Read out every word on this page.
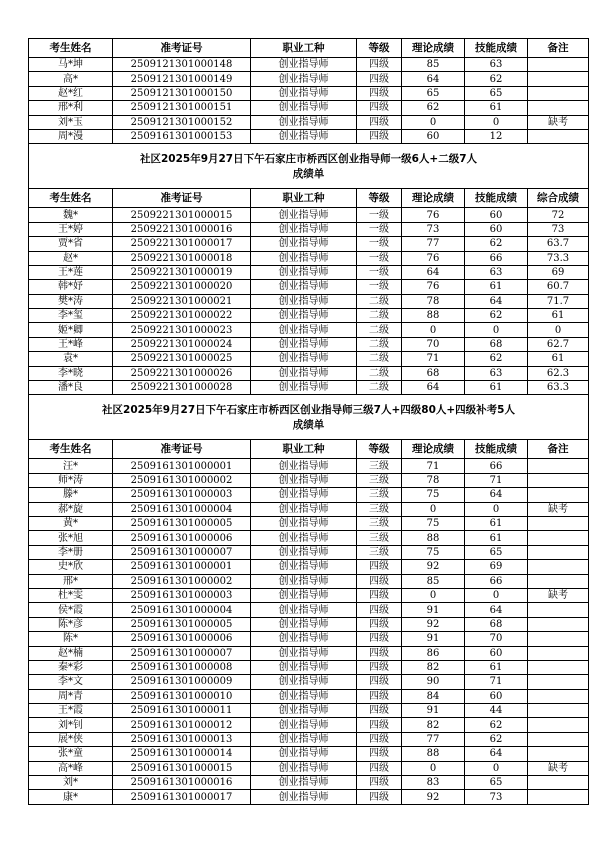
考生姓名	准考证号	职业工种	等级	理论成绩	技能成绩	备注
马*坤	2509121301000148	创业指导师	四级	85	63	
高*	2509121301000149	创业指导师	四级	64	62	
赵*红	2509121301000150	创业指导师	四级	65	65	
邢*利	2509121301000151	创业指导师	四级	62	61	
刘*玉	2509121301000152	创业指导师	四级	0	0	缺考
周*漫	2509161301000153	创业指导师	四级	60	12	

社区2025年9月27日下午石家庄市桥西区创业指导师一级6人+二级7人
成绩单						

考生姓名	准考证号	职业工种	等级	理论成绩	技能成绩	综合成绩
魏*	2509221301000015	创业指导师	一级	76	60	72
王*婷	2509221301000016	创业指导师	一级	73	60	73
贾*省	2509221301000017	创业指导师	一级	77	62	63.7
赵*	2509221301000018	创业指导师	一级	76	66	73.3
王*莲	2509221301000019	创业指导师	一级	64	63	69
韩*妤	2509221301000020	创业指导师	一级	76	61	60.7
樊*涛	2509221301000021	创业指导师	二级	78	64	71.7
李*玺	2509221301000022	创业指导师	二级	88	62	61
姬*卿	2509221301000023	创业指导师	二级	0	0	0
王*峰	2509221301000024	创业指导师	二级	70	68	62.7
袁*	2509221301000025	创业指导师	二级	71	62	61
李*晓	2509221301000026	创业指导师	二级	68	63	62.3
潘*良	2509221301000028	创业指导师	二级	64	61	63.3

社区2025年9月27日下午石家庄市桥西区创业指导师三级7人+四级80人+四级补考5人
成绩单						

考生姓名	准考证号	职业工种	等级	理论成绩	技能成绩	备注
汪*	2509161301000001	创业指导师	三级	71	66	
师*涛	2509161301000002	创业指导师	三级	78	71	
滕*	2509161301000003	创业指导师	三级	75	64	
郝*旋	2509161301000004	创业指导师	三级	0	0	缺考
黄*	2509161301000005	创业指导师	三级	75	61	
张*旭	2509161301000006	创业指导师	三级	88	61	
李*册	2509161301000007	创业指导师	三级	75	65	
史*欣	2509161301000001	创业指导师	四级	92	69	
邢*	2509161301000002	创业指导师	四级	85	66	
杜*雯	2509161301000003	创业指导师	四级	0	0	缺考
侯*霞	2509161301000004	创业指导师	四级	91	64	
陈*彦	2509161301000005	创业指导师	四级	92	68	
陈*	2509161301000006	创业指导师	四级	91	70	
赵*楠	2509161301000007	创业指导师	四级	86	60	
秦*彩	2509161301000008	创业指导师	四级	82	61	
李*文	2509161301000009	创业指导师	四级	90	71	
周*青	2509161301000010	创业指导师	四级	84	60	
王*霞	2509161301000011	创业指导师	四级	91	44	
刘*钊	2509161301000012	创业指导师	四级	82	62	
展*侠	2509161301000013	创业指导师	四级	77	62	
张*童	2509161301000014	创业指导师	四级	88	64	
高*峰	2509161301000015	创业指导师	四级	0	0	缺考
刘*	2509161301000016	创业指导师	四级	83	65	
康*	2509161301000017	创业指导师	四级	92	73	
